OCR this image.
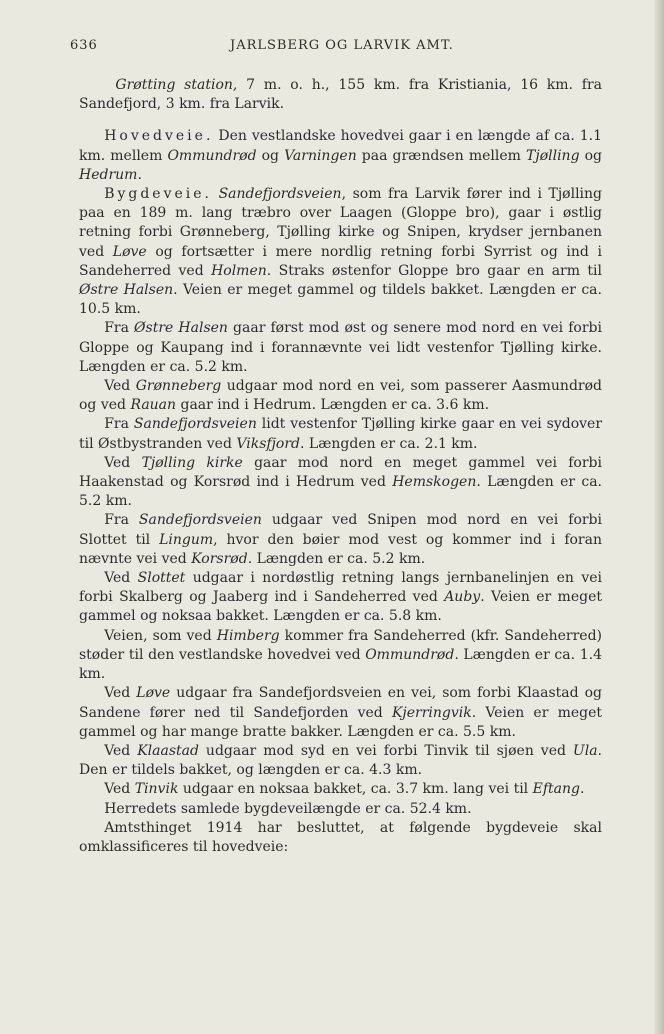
636	JARLSBERG OG LARVIK AMT.

Grøtting station, 7 m. o. h., 155 km. fra Kristiania, 16 km. fra Sandefjord, 3 km. fra Larvik.

Hovedveie. Den vestlandske hovedvei gaar i en længde af ca. 1.1 km. mellem Ommundrød og Varningen paa grændsen mellem Tjølling og Hedrum.

Bygdeveie. Sandefjordsveien, som fra Larvik fører ind i Tjølling paa en 189 m. lang træbro over Laagen (Gloppe bro), gaar i østlig retning forbi Grønneberg, Tjølling kirke og Snipen, krydser jernbanen ved Løve og fortsætter i mere nordlig retning forbi Syrrist og ind i Sandeherred ved Holmen. Straks østenfor Gloppe bro gaar en arm til Østre Halsen. Veien er meget gammel og tildels bakket. Længden er ca. 10.5 km.

Fra Østre Halsen gaar først mod øst og senere mod nord en vei forbi Gloppe og Kaupang ind i forannævnte vei lidt vestenfor Tjølling kirke. Længden er ca. 5.2 km.

Ved Grønneberg udgaar mod nord en vei, som passerer Aasmundrød og ved Rauan gaar ind i Hedrum. Længden er ca. 3.6 km.

Fra Sandefjordsveien lidt vestenfor Tjølling kirke gaar en vei sydover til Østbystranden ved Viksfjord. Længden er ca. 2.1 km.

Ved Tjølling kirke gaar mod nord en meget gammel vei forbi Haakenstad og Korsrød ind i Hedrum ved Hemskogen. Længden er ca. 5.2 km.

Fra Sandefjordsveien udgaar ved Snipen mod nord en vei forbi Slottet til Lingum, hvor den bøier mod vest og kommer ind i foran nævnte vei ved Korsrød. Længden er ca. 5.2 km.

Ved Slottet udgaar i nordøstlig retning langs jernbanelinjen en vei forbi Skalberg og Jaaberg ind i Sandeherred ved Auby. Veien er meget gammel og noksaa bakket. Længden er ca. 5.8 km.

Veien, som ved Himberg kommer fra Sandeherred (kfr. Sandeherred) støder til den vestlandske hovedvei ved Ommundrød. Længden er ca. 1.4 km.

Ved Løve udgaar fra Sandefjordsveien en vei, som forbi Klaastad og Sandene fører ned til Sandefjorden ved Kjerringvik. Veien er meget gammel og har mange bratte bakker. Længden er ca. 5.5 km.

Ved Klaastad udgaar mod syd en vei forbi Tinvik til sjøen ved Ula. Den er tildels bakket, og længden er ca. 4.3 km.

Ved Tinvik udgaar en noksaa bakket, ca. 3.7 km. lang vei til Eftang.

Herredets samlede bygdeveilængde er ca. 52.4 km.

Amtsthinget 1914 har besluttet, at følgende bygdeveie skal omklassificeres til hovedveie:
